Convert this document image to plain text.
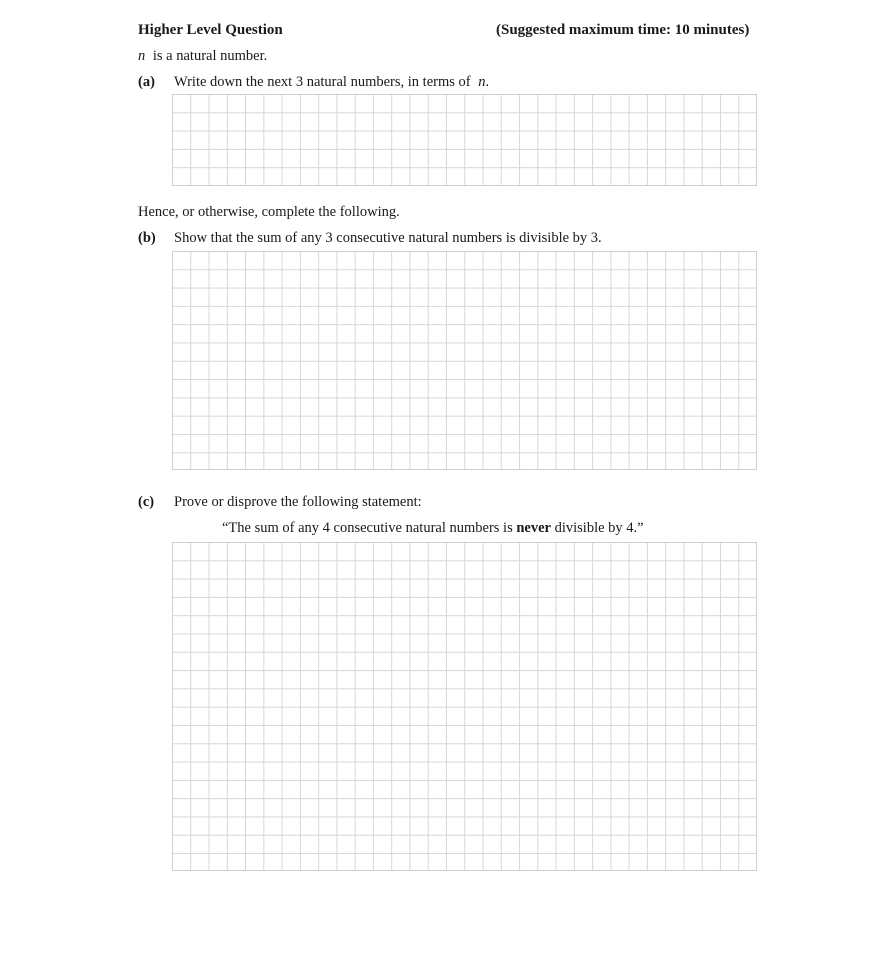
Higher Level Question	(Suggested maximum time: 10 minutes)
n is a natural number.
(a) Write down the next 3 natural numbers, in terms of n.
Hence, or otherwise, complete the following.
(b) Show that the sum of any 3 consecutive natural numbers is divisible by 3.
(c) Prove or disprove the following statement:
“The sum of any 4 consecutive natural numbers is never divisible by 4.”
